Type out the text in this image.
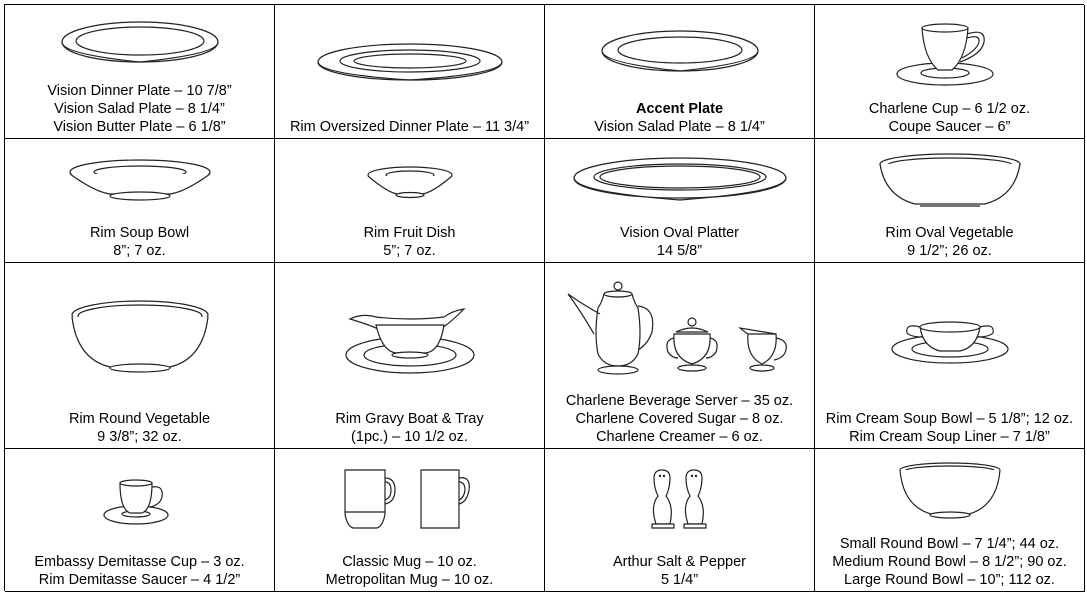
Vision Dinner Plate – 10 7/8”
Vision Salad Plate – 8 1/4”
Vision Butter Plate – 6 1/8”	Rim Oversized Dinner Plate – 11 3/4”
Accent Plate
Vision Salad Plate – 8 1/4”
Charlene Cup – 6 1/2 oz.
Coupe Saucer – 6”
Rim Soup Bowl
8”; 7 oz.
Rim Fruit Dish
5”; 7 oz.
Vision Oval Platter
14 5/8”
Rim Oval Vegetable
9 1/2”; 26 oz.
Rim Round Vegetable
9 3/8”; 32 oz.
Rim Gravy Boat & Tray
(1pc.) – 10 1/2 oz.
Charlene Beverage Server – 35 oz.
Charlene Covered Sugar – 8 oz.
Charlene Creamer – 6 oz.
Rim Cream Soup Bowl – 5 1/8”; 12 oz.
Rim Cream Soup Liner – 7 1/8”
Embassy Demitasse Cup – 3 oz.
Rim Demitasse Saucer – 4 1/2”
Classic Mug – 10 oz.
Metropolitan Mug – 10 oz.
Arthur Salt & Pepper
5 1/4”
Small Round Bowl – 7 1/4”; 44 oz.
Medium Round Bowl – 8 1/2”; 90 oz.
Large Round Bowl – 10”; 112 oz.
